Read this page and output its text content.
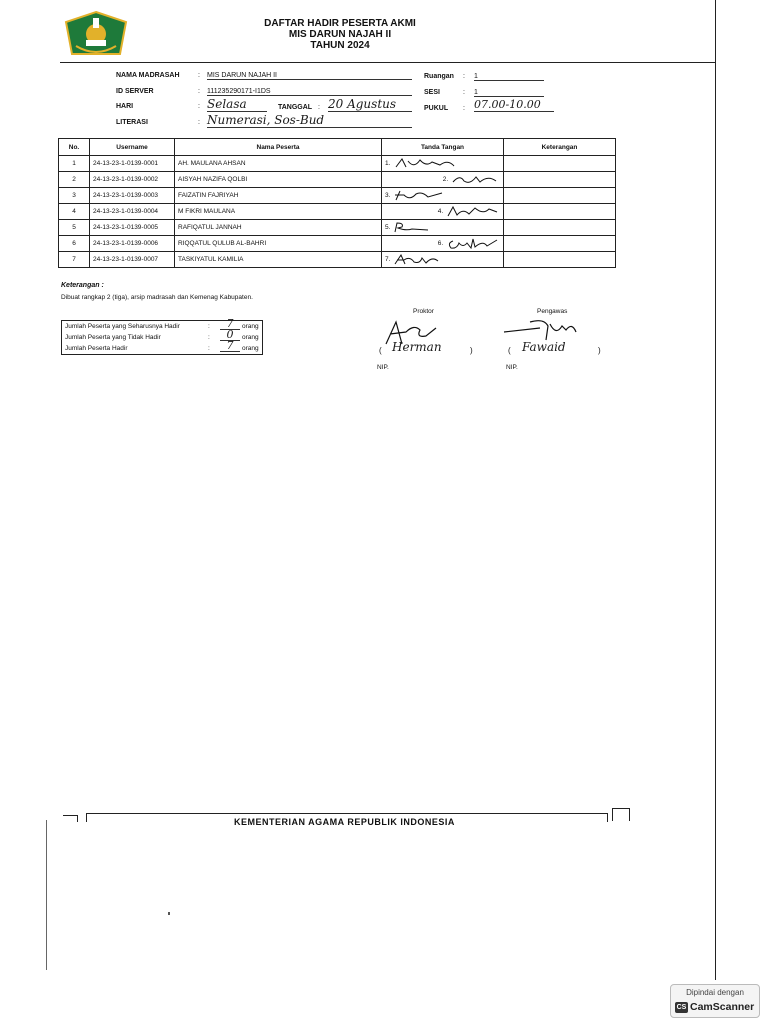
DAFTAR HADIR PESERTA AKMI
MIS DARUN NAJAH II
TAHUN 2024
NAMA MADRASAH	: MIS DARUN NAJAH II	Ruangan : 1
ID SERVER	: 111235290171-I1DS	SESI	: 1
HARI	: Selasa	TANGGAL : 20 Agustus	PUKUL : 07.00-10.00
LITERASI	: Numerasi, Sos-Bud
No.	Username	Nama Peserta	Tanda Tangan	Keterangan
1	24-13-23-1-0139-0001	AH. MAULANA AHSAN	1.	
2	24-13-23-1-0139-0002	AISYAH NAZIFA QOLBI	2.	
3	24-13-23-1-0139-0003	FAIZATIN FAJRIYAH	3.	
4	24-13-23-1-0139-0004	M FIKRI MAULANA	4.	
5	24-13-23-1-0139-0005	RAFIQATUL JANNAH	5.	
6	24-13-23-1-0139-0006	RIQQATUL QULUB AL-BAHRI	6.	
7	24-13-23-1-0139-0007	TASKIYATUL KAMILIA	7.	
Keterangan :
Dibuat rangkap 2 (tiga), arsip madrasah dan Kemenag Kabupaten.
Jumlah Peserta yang Seharusnya Hadir	:	7	orang
Jumlah Peserta yang Tidak Hadir	:	0	orang
Jumlah Peserta Hadir	:	7	orang
Proktor
( Herman	)
NIP.
Pengawas
( Fawaid	)
NIP.
KEMENTERIAN AGAMA REPUBLIK INDONESIA
Dipindai dengan
CS CamScanner
